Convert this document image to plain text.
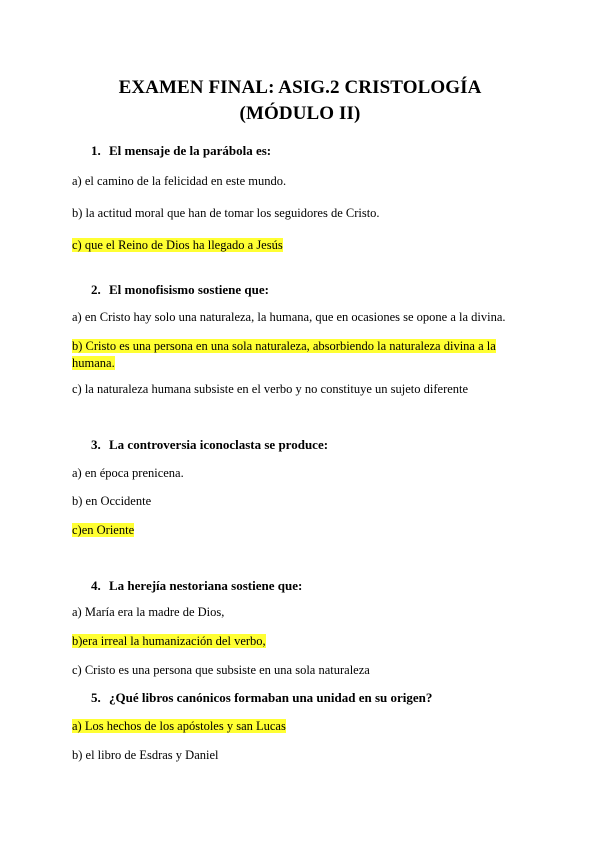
EXAMEN FINAL: ASIG.2 CRISTOLOGÍA
(MÓDULO II)
1. El mensaje de la parábola es:
a) el camino de la felicidad en este mundo.
b) la actitud moral que han de tomar los seguidores de Cristo.
c) que el Reino de Dios ha llegado a Jesús
2. El monofisismo sostiene que:
a) en Cristo hay solo una naturaleza, la humana, que en ocasiones se opone a la divina.
b) Cristo es una persona en una sola naturaleza, absorbiendo la naturaleza divina a la humana.
c) la naturaleza humana subsiste en el verbo y no constituye un sujeto diferente
3. La controversia iconoclasta se produce:
a) en época prenicena.
b) en Occidente
c)en Oriente
4. La herejía nestoriana sostiene que:
a) María era la madre de Dios,
b)era irreal la humanización del verbo,
c) Cristo es una persona que subsiste en una sola naturaleza
5. ¿Qué libros canónicos formaban una unidad en su origen?
a) Los hechos de los apóstoles y san Lucas
b) el libro de Esdras y Daniel
